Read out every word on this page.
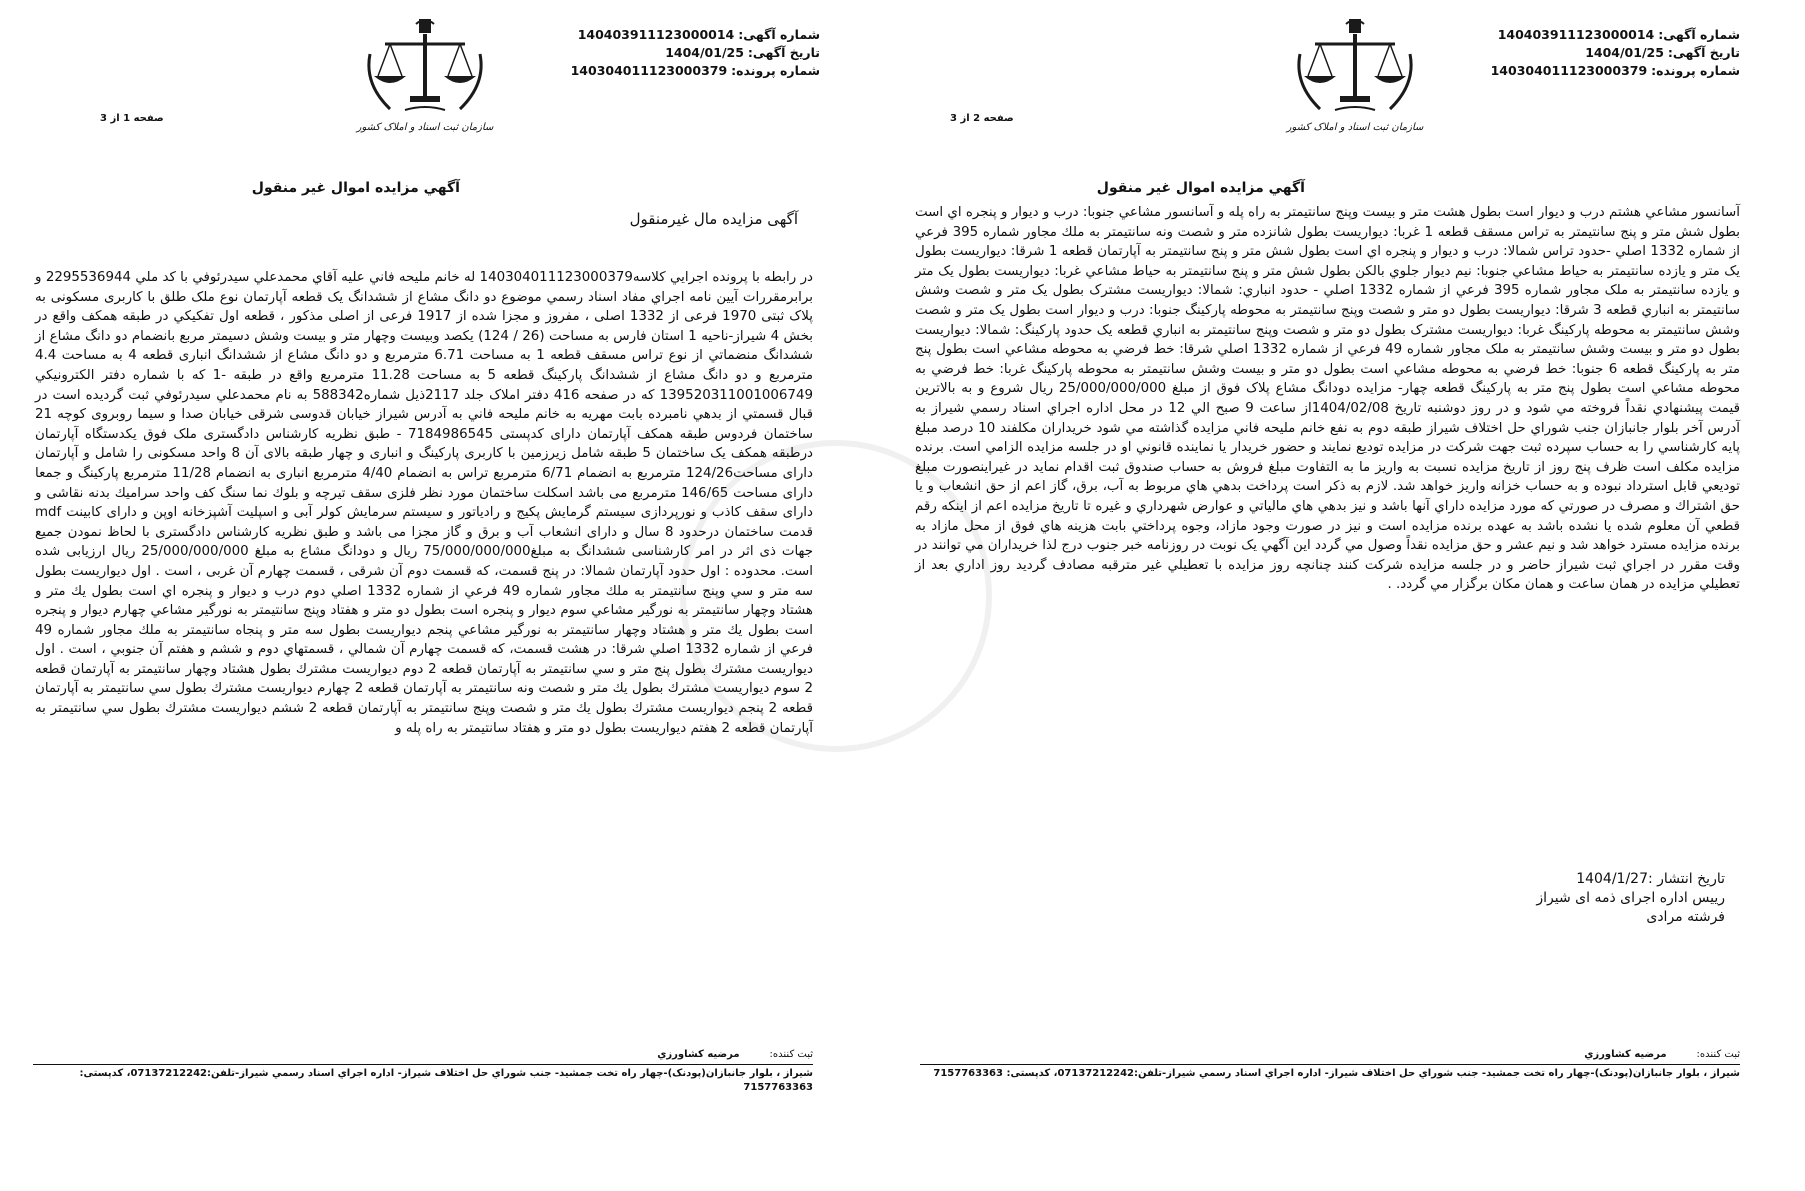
شماره آگهی:140403911123000014
تاریخ آگهی:1404/01/25
شماره پرونده:140304011123000379
سازمان ثبت اسناد و املاک کشور
صفحه 2 از 3
آگهي مزايده اموال غير منقول

آسانسور مشاعي هشتم درب و ديوار است بطول هشت متر و بيست وپنج سانتيمتر به راه پله و آسانسور مشاعي جنوبا: درب و ديوار و پنجره اي است بطول شش متر و پنج سانتيمتر به تراس مسقف قطعه 1 غربا: ديواريست بطول شانزده متر و شصت ونه سانتيمتر به ملك مجاور شماره 395 فرعي از شماره 1332 اصلي -حدود تراس شمالا: درب و ديوار و پنجره اي است بطول شش متر و پنج سانتيمتر به آپارتمان قطعه 1 شرقا: ديواريست بطول يک متر و يازده سانتيمتر به حياط مشاعي جنوبا: نيم ديوار جلوي بالكن بطول شش متر و پنج سانتيمتر به حياط مشاعي غربا: ديواريست بطول يک متر و يازده سانتيمتر به ملک مجاور شماره 395 فرعي از شماره 1332 اصلي - حدود انباري: شمالا: ديواريست مشترک بطول يک متر و شصت وشش سانتيمتر به انباري قطعه 3 شرقا: ديواريست بطول دو متر و شصت وپنج سانتيمتر به محوطه پارکينگ جنوبا: درب و ديوار است بطول يک متر و شصت وشش سانتيمتر به محوطه پارکينگ غربا: ديواريست مشترک بطول دو متر و شصت وپنج سانتيمتر به انباري قطعه يک حدود پارکينگ: شمالا: ديواريست بطول دو متر و بيست وشش سانتيمتر به ملک مجاور شماره 49 فرعي از شماره 1332 اصلي شرقا: خط فرضي به محوطه مشاعي است بطول پنج متر به پارکينگ قطعه 6 جنوبا: خط فرضي به محوطه مشاعي است بطول دو متر و بيست وشش سانتيمتر به محوطه پارکينگ غربا: خط فرضي به محوطه مشاعي است بطول پنج متر به پارکينگ قطعه چهار- مزايده دودانگ مشاع پلاک فوق از مبلغ 25/000/000/000 ريال شروع و به بالاترين قيمت پيشنهادي نقداً فروخته مي شود و در روز دوشنبه تاريخ 1404/02/08از ساعت 9 صبح الي 12 در محل اداره اجراي اسناد رسمي شيراز به آدرس آخر بلوار جانبازان جنب شوراي حل اختلاف شيراز طبقه دوم به نفع خانم مليحه فاني مزايده گذاشته مي شود خريداران مکلفند 10 درصد مبلغ پايه کارشناسي را به حساب سپرده ثبت جهت شرکت در مزايده توديع نمايند و حضور خريدار يا نماينده قانوني او در جلسه مزايده الزامي است. برنده مزايده مکلف است ظرف پنج روز از تاريخ مزايده نسبت به واريز ما به التفاوت مبلغ فروش به حساب صندوق ثبت اقدام نمايد در غيراينصورت مبلغ توديعي قابل استرداد نبوده و به حساب خزانه واريز خواهد شد. لازم به ذکر است پرداخت بدهي هاي مربوط به آب، برق، گاز اعم از حق انشعاب و يا حق اشتراك و مصرف در صورتي كه مورد مزايده داراي آنها باشد و نيز بدهي هاي مالياتي و عوارض شهرداري و غيره تا تاريخ مزايده اعم از اينكه رقم قطعي آن معلوم شده يا نشده باشد به عهده برنده مزايده است و نيز در صورت وجود مازاد، وجوه پرداختي بابت هزينه هاي فوق از محل مازاد به برنده مزايده مسترد خواهد شد و نيم عشر و حق مزايده نقداً وصول مي گردد اين آگهي يک نوبت در روزنامه خبر جنوب درج لذا خريداران مي توانند در وقت مقرر در اجراي ثبت شيراز حاضر و در جلسه مزايده شركت كنند چنانچه روز مزايده با تعطيلي غير مترقبه مصادف گرديد روز اداري بعد از تعطيلي مزايده در همان ساعت و همان مكان برگزار مي گردد. .

تاريخ انتشار :1404/1/27
رييس اداره اجرای ذمه ای شيراز
فرشته مرادی
ثبت کننده:مرضيه كشاورزي
شيراز ، بلوار جانبازان(پودنک)-چهار راه تخت جمشيد- جنب شوراي حل اختلاف شيراز- اداره اجراي اسناد رسمي شيراز-تلفن:07137212242، کدپستی: 7157763363
شماره آگهی:140403911123000014
تاریخ آگهی:1404/01/25
شماره پرونده:140304011123000379
سازمان ثبت اسناد و املاک کشور
صفحه 1 از 3
آگهي مزايده اموال غير منقول
آگهی مزايده مال غيرمنقول

در رابطه با پرونده اجرايي كلاسه140304011123000379 له خانم مليحه فاني عليه آقاي محمدعلي سيدرئوفي با كد ملي 2295536944 و برابرمقررات آيين نامه اجراي مفاد اسناد رسمي موضوع دو دانگ مشاع از ششدانگ يک قطعه آپارتمان نوع ملک طلق با کاربری مسکونی به پلاک ثبتی 1970 فرعی از 1332 اصلی ، مفروز و مجزا شده از 1917 فرعی از اصلی مذكور ، قطعه اول تفكيكي در طبقه همكف واقع در بخش 4 شيراز-ناحيه 1 استان فارس به مساحت (26 / 124) يكصد وبيست وچهار متر و بيست وشش دسيمتر مربع بانضمام دو دانگ مشاع از ششدانگ منضماتي از نوع تراس مسقف قطعه 1 به مساحت 6.71 مترمربع و دو دانگ مشاع از ششدانگ انباری قطعه 4 به مساحت 4.4 مترمربع و دو دانگ مشاع از ششدانگ پارکينگ قطعه 5 به مساحت 11.28 مترمربع واقع در طبقه -1 كه با شماره دفتر الكترونيكي 139520311001006749 كه در صفحه 416 دفتر املاک جلد 2117ذيل شماره588342 به نام محمدعلي سيدرئوفي ثبت گرديده است در قبال قسمتي از بدهي نامبرده بابت مهريه به خانم مليحه فاني به آدرس شيراز خيابان قدوسی شرقی خيابان صدا و سيما روبروی کوچه 21 ساختمان فردوس طبقه همکف آپارتمان دارای کدپستی 7184986545 - طبق نظريه كارشناس دادگستری ملک فوق يکدستگاه آپارتمان درطبقه همکف يک ساختمان 5 طبقه شامل زيرزمين با كاربری پاركينگ و انباری و چهار طبقه بالای آن 8 واحد مسكونی را شامل و آپارتمان دارای مساحت124/26 مترمربع به انضمام 6/71 مترمربع تراس به انضمام 4/40 مترمربع انباری به انضمام 11/28 مترمربع پاركينگ و جمعا دارای مساحت 146/65 مترمربع می باشد اسكلت ساختمان مورد نظر فلزی سقف تيرچه و بلوك نما سنگ كف واحد سراميك بدنه نقاشی و دارای سقف كاذب و نورپردازی سيستم گرمايش پكيج و رادياتور و سيستم سرمايش كولر آبی و اسپليت آشپزخانه اوپن و دارای كابينت mdf قدمت ساختمان درحدود 8 سال و دارای انشعاب آب و برق و گاز مجزا می باشد و طبق نظريه كارشناس دادگستری با لحاظ نمودن جميع جهات ذی اثر در امر كارشناسی ششدانگ به مبلغ75/000/000/000 ريال و دودانگ مشاع به مبلغ 25/000/000/000 ريال ارزيابی شده است. محدوده : اول حدود آپارتمان شمالا: در پنج قسمت، كه قسمت دوم آن شرقی ، قسمت چهارم آن غربی ، است . اول ديواريست بطول سه متر و سي وپنج سانتيمتر به ملك مجاور شماره 49 فرعي از شماره 1332 اصلي دوم درب و ديوار و پنجره اي است بطول يك متر و هشتاد وچهار سانتيمتر به نورگير مشاعي سوم ديوار و پنجره است بطول دو متر و هفتاد وپنج سانتيمتر به نورگير مشاعي چهارم ديوار و پنجره است بطول يك متر و هشتاد وچهار سانتيمتر به نورگير مشاعي پنجم ديواريست بطول سه متر و پنجاه سانتيمتر به ملك مجاور شماره 49 فرعي از شماره 1332 اصلي شرقا: در هشت قسمت، كه قسمت چهارم آن شمالي ، قسمتهاي دوم و ششم و هفتم آن جنوبي ، است . اول ديواريست مشترك بطول پنج متر و سي سانتيمتر به آپارتمان قطعه 2 دوم ديواريست مشترك بطول هشتاد وچهار سانتيمتر به آپارتمان قطعه 2 سوم ديواريست مشترك بطول يك متر و شصت ونه سانتيمتر به آپارتمان قطعه 2 چهارم ديواريست مشترك بطول سي سانتيمتر به آپارتمان قطعه 2 پنجم ديواريست مشترك بطول يك متر و شصت وپنج سانتيمتر به آپارتمان قطعه 2 ششم ديواريست مشترك بطول سي سانتيمتر به آپارتمان قطعه 2 هفتم ديواريست بطول دو متر و هفتاد سانتيمتر به راه پله و

ثبت کننده:مرضيه كشاورزي
شيراز ، بلوار جانبازان(پودنک)-چهار راه تخت جمشيد- جنب شوراي حل اختلاف شيراز- اداره اجراي اسناد رسمي شيراز-تلفن:07137212242، کدپستی: 7157763363
